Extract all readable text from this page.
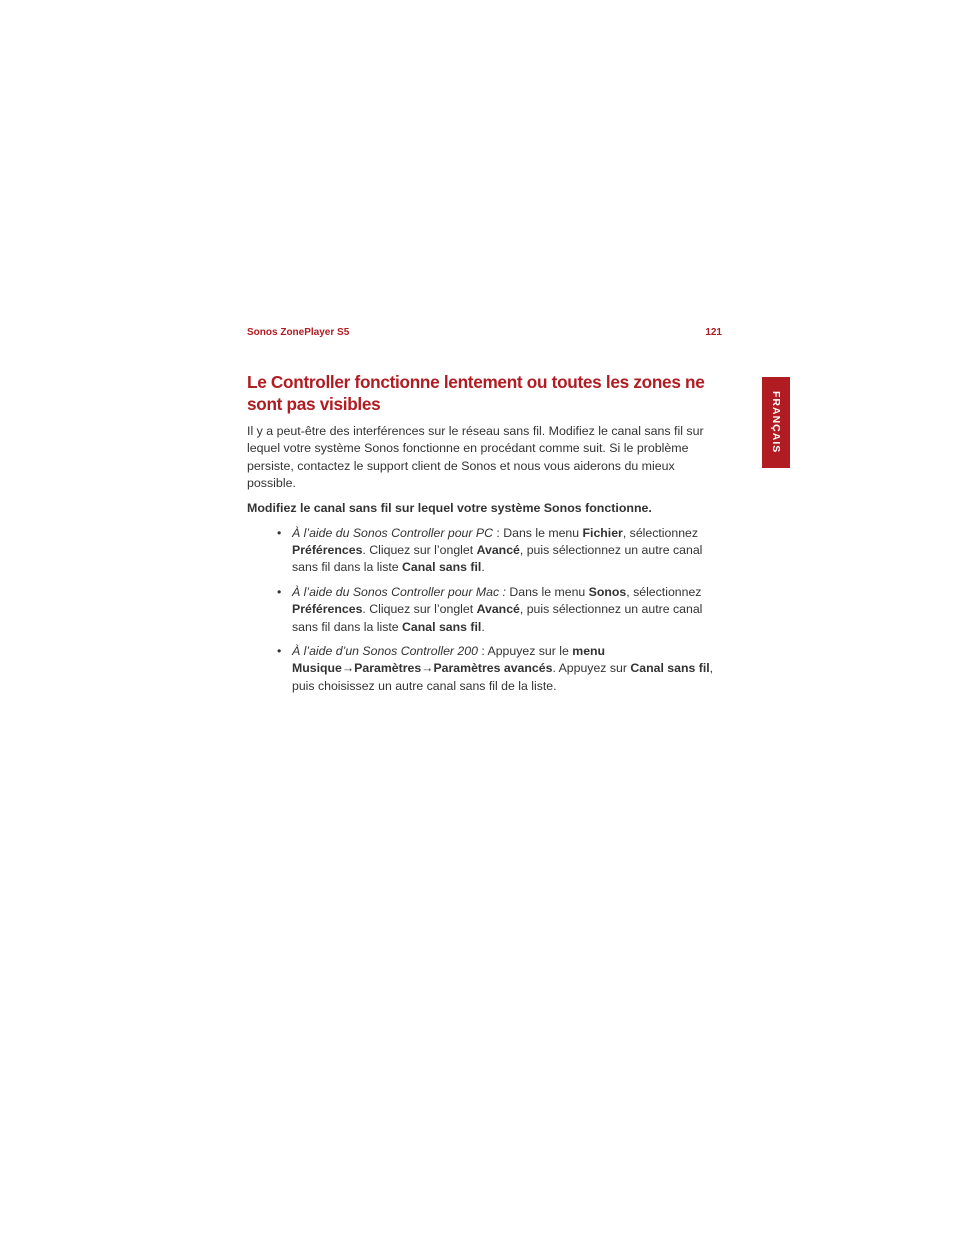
Sonos ZonePlayer S5	121
FRANÇAIS
Le Controller fonctionne lentement ou toutes les zones ne sont pas visibles

Il y a peut-être des interférences sur le réseau sans fil. Modifiez le canal sans fil sur lequel votre système Sonos fonctionne en procédant comme suit. Si le problème persiste, contactez le support client de Sonos et nous vous aiderons du mieux possible.

Modifiez le canal sans fil sur lequel votre système Sonos fonctionne.

• À l’aide du Sonos Controller pour PC : Dans le menu Fichier, sélectionnez Préférences. Cliquez sur l’onglet Avancé, puis sélectionnez un autre canal sans fil dans la liste Canal sans fil.
• À l’aide du Sonos Controller pour Mac : Dans le menu Sonos, sélectionnez Préférences. Cliquez sur l’onglet Avancé, puis sélectionnez un autre canal sans fil dans la liste Canal sans fil.
• À l’aide d’un Sonos Controller 200 : Appuyez sur le menu Musique→Paramètres→Paramètres avancés. Appuyez sur Canal sans fil, puis choisissez un autre canal sans fil de la liste.
